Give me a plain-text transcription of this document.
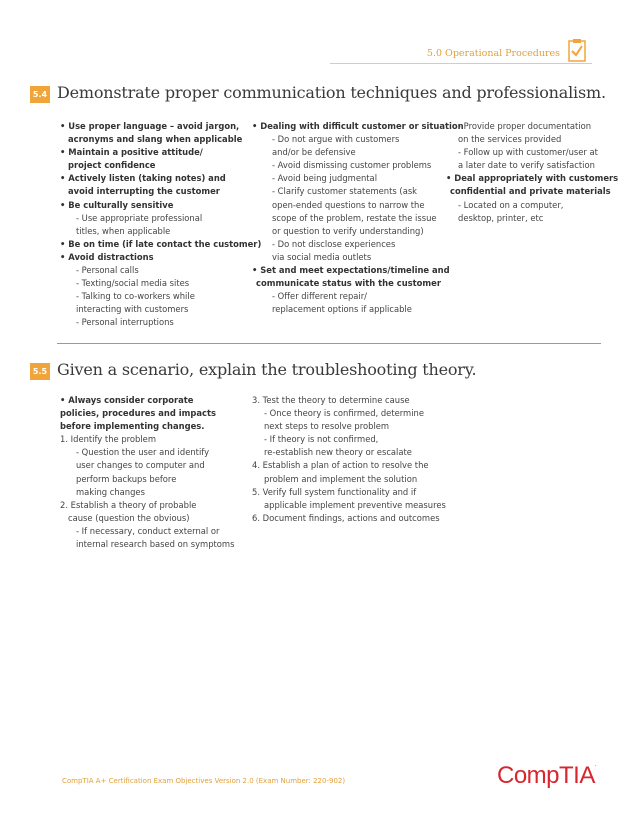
5.0 Operational Procedures
5.4 Demonstrate proper communication techniques and professionalism.
• Use proper language – avoid jargon,
acronyms and slang when applicable
• Maintain a positive attitude/
project confidence
• Actively listen (taking notes) and
avoid interrupting the customer
• Be culturally sensitive
- Use appropriate professional
titles, when applicable
• Be on time (if late contact the customer)
• Avoid distractions
- Personal calls
- Texting/social media sites
- Talking to co-workers while
interacting with customers
- Personal interruptions
• Dealing with difficult customer or situation
- Do not argue with customers
and/or be defensive
- Avoid dismissing customer problems
- Avoid being judgmental
- Clarify customer statements (ask
open-ended questions to narrow the
scope of the problem, restate the issue
or question to verify understanding)
- Do not disclose experiences
via social media outlets
• Set and meet expectations/timeline and
communicate status with the customer
- Offer different repair/
replacement options if applicable
- Provide proper documentation
on the services provided
- Follow up with customer/user at
a later date to verify satisfaction
• Deal appropriately with customers
confidential and private materials
- Located on a computer,
desktop, printer, etc
5.5 Given a scenario, explain the troubleshooting theory.
• Always consider corporate
policies, procedures and impacts
before implementing changes.
1. Identify the problem
- Question the user and identify
user changes to computer and
perform backups before
making changes
2. Establish a theory of probable
cause (question the obvious)
- If necessary, conduct external or
internal research based on symptoms
3. Test the theory to determine cause
- Once theory is confirmed, determine
next steps to resolve problem
- If theory is not confirmed,
re-establish new theory or escalate
4. Establish a plan of action to resolve the
problem and implement the solution
5. Verify full system functionality and if
applicable implement preventive measures
6. Document findings, actions and outcomes
CompTIA A+ Certification Exam Objectives Version 2.0 (Exam Number: 220-902)	CompTIA.
